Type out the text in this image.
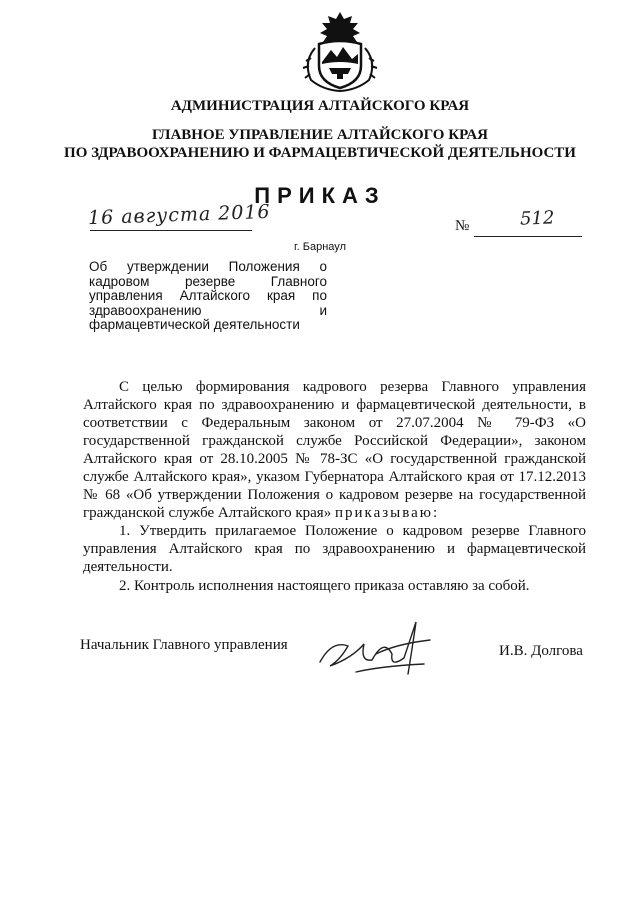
АДМИНИСТРАЦИЯ АЛТАЙСКОГО КРАЯ
ГЛАВНОЕ УПРАВЛЕНИЕ АЛТАЙСКОГО КРАЯ
ПО ЗДРАВООХРАНЕНИЮ И ФАРМАЦЕВТИЧЕСКОЙ ДЕЯТЕЛЬНОСТИ
ПРИКАЗ
16 августа 2016	№	512
г. Барнаул
Об утверждении Положения о кадровом резерве Главного управления Алтайского края по здравоохранению и фармацевтической деятельности
С целью формирования кадрового резерва Главного управления Алтайского края по здравоохранению и фармацевтической деятельности, в соответствии с Федеральным законом от 27.07.2004 № 79-ФЗ «О государственной гражданской службе Российской Федерации», законом Алтайского края от 28.10.2005 № 78-ЗС «О государственной гражданской службе Алтайского края», указом Губернатора Алтайского края от 17.12.2013 № 68 «Об утверждении Положения о кадровом резерве на государственной гражданской службе Алтайского края» приказываю:
1. Утвердить прилагаемое Положение о кадровом резерве Главного управления Алтайского края по здравоохранению и фармацевтической деятельности.
2. Контроль исполнения настоящего приказа оставляю за собой.
Начальник Главного управления	И.В. Долгова
